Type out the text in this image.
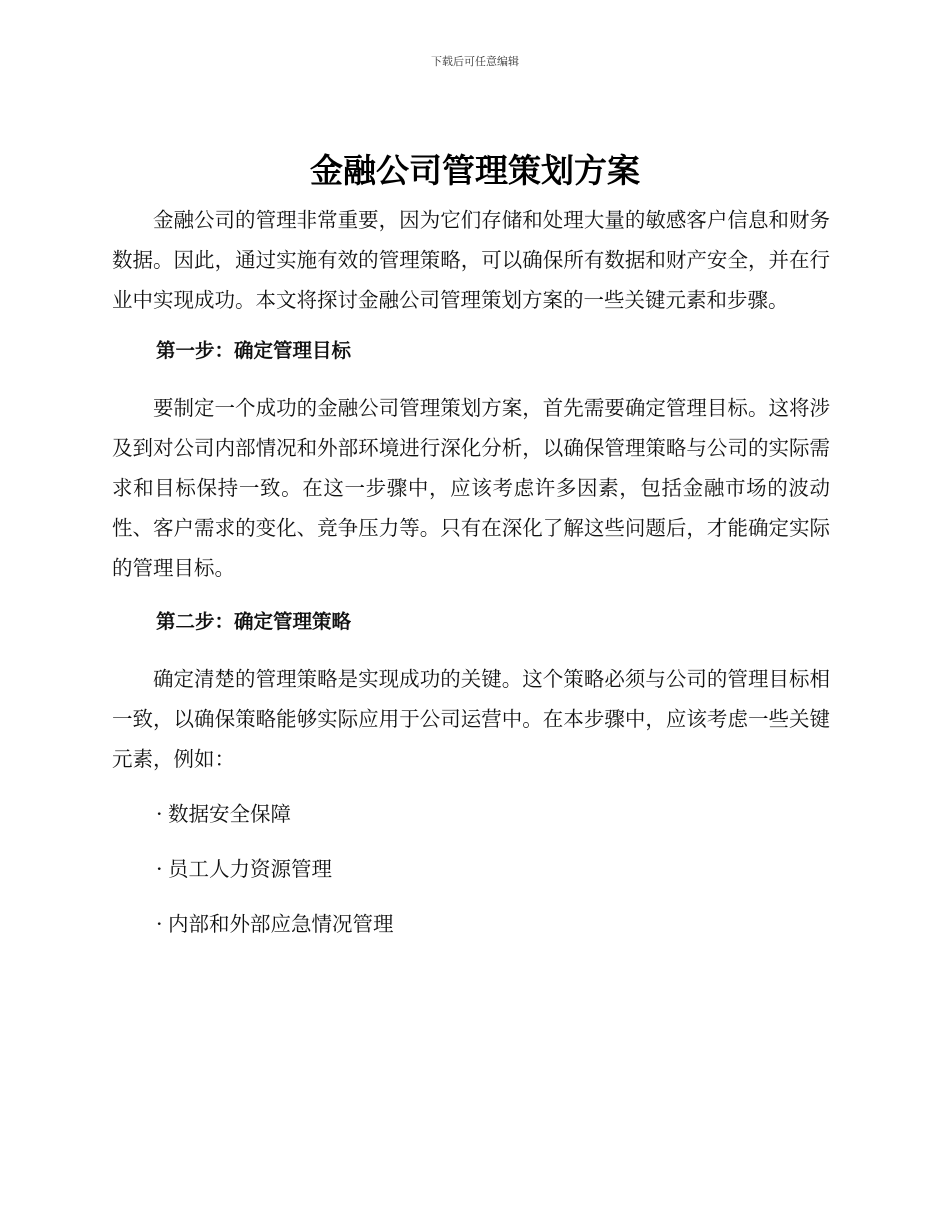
下载后可任意编辑
金融公司管理策划方案

金融公司的管理非常重要，因为它们存储和处理大量的敏感客户信息和财务数据。因此，通过实施有效的管理策略，可以确保所有数据和财产安全，并在行业中实现成功。本文将探讨金融公司管理策划方案的一些关键元素和步骤。

第一步：确定管理目标

要制定一个成功的金融公司管理策划方案，首先需要确定管理目标。这将涉及到对公司内部情况和外部环境进行深化分析，以确保管理策略与公司的实际需求和目标保持一致。在这一步骤中，应该考虑许多因素，包括金融市场的波动性、客户需求的变化、竞争压力等。只有在深化了解这些问题后，才能确定实际的管理目标。

第二步：确定管理策略

确定清楚的管理策略是实现成功的关键。这个策略必须与公司的管理目标相一致，以确保策略能够实际应用于公司运营中。在本步骤中，应该考虑一些关键元素，例如：

· 数据安全保障
· 员工人力资源管理
· 内部和外部应急情况管理
